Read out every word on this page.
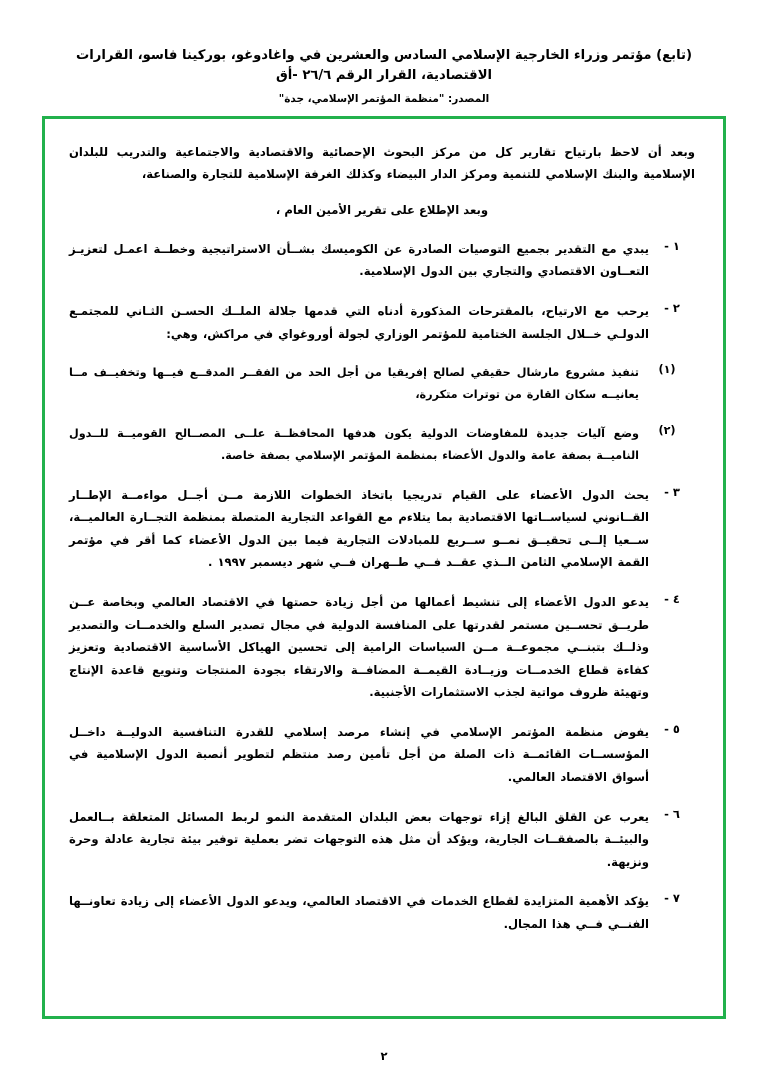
(تابع) مؤتمر وزراء الخارجية الإسلامي السادس والعشرين في واغادوغو، بوركينا فاسو، القرارات الاقتصادية، القرار الرقم ٢٦/٦ -أق
المصدر: "منظمة المؤتمر الإسلامي، جدة"
وبعد أن لاحظ بارتياح تقارير كل من مركز البحوث الإحصائية والاقتصادية والاجتماعية والتدريب للبلدان الإسلامية والبنك الإسلامي للتنمية ومركز الدار البيضاء وكذلك الغرفة الإسلامية للتجارة والصناعة،
وبعد الإطلاع على تقرير الأمين العام ،
١ -
يبدي مع التقدير بجميع التوصيات الصادرة عن الكوميسك بشــأن الاستراتيجية وخطــة اعمـل لتعزيـز التعــاون الاقتصادي والتجاري بين الدول الإسلامية.
٢ -
يرحب مع الارتياح، بالمقترحات المذكورة أدناه التي قدمها جلالة الملــك الحسـن الثـاني للمجتمـع الدولـي خــلال الجلسة الختامية للمؤتمر الوزاري لجولة أوروغواي في مراكش، وهي:
(١)
تنفيذ مشروع مارشال حقيقي لصالح إفريقيا من أجل الحد من الفقــر المدقــع فيــها وتخفيــف مــا يعانيــه سكان القارة من توترات متكررة،
(٢)
وضع آليات جديدة للمفاوضات الدولية يكون هدفها المحافظــة علــى المصــالح القوميــة للــدول الناميــة بصفة عامة والدول الأعضاء بمنظمة المؤتمر الإسلامي بصفة خاصة.
٣ -
يحث الدول الأعضاء على القيام تدريجيا باتخاذ الخطوات اللازمة مــن أجــل مواءمــة الإطــار القــانوني لسياســاتها الاقتصادية بما يتلاءم مع القواعد التجارية المتصلة بمنظمة التجــارة العالميــة، ســعيا إلــى تحقيــق نمــو ســريع للمبادلات التجارية فيما بين الدول الأعضاء كما أقر في مؤتمر القمة الإسلامي الثامن الــذي عقــد فــي طــهران فــي شهر ديسمبر ١٩٩٧ .
٤ -
يدعو الدول الأعضاء إلى تنشيط أعمالها من أجل زيادة حصتها في الاقتصاد العالمي وبخاصة عــن طريــق تحســين مستمر لقدرتها على المنافسة الدولية في مجال تصدير السلع والخدمــات والتصدير وذلــك بتبنــي مجموعــة مــن السياسات الرامية إلى تحسين الهياكل الأساسية الاقتصادية وتعزيز كفاءة قطاع الخدمــات وزيــادة القيمــة المضافــة والارتقاء بجودة المنتجات وتنويع قاعدة الإنتاج وتهيئة ظروف مواتية لجذب الاستثمارات الأجنبية.
٥ -
يفوض منظمة المؤتمر الإسلامي في إنشاء مرصد إسلامي للقدرة التنافسية الدوليــة داخــل المؤسســات القائمــة ذات الصلة من أجل تأمين رصد منتظم لتطوير أنصبة الدول الإسلامية في أسواق الاقتصاد العالمي.
٦ -
يعرب عن القلق البالغ إزاء توجهات بعض البلدان المتقدمة النمو لربط المسائل المتعلقة بــالعمل والبيئــة بالصفقــات الجارية، ويؤكد أن مثل هذه التوجهات تضر بعملية توفير بيئة تجارية عادلة وحرة ونزيهة.
٧ -
يؤكد الأهمية المتزايدة لقطاع الخدمات في الاقتصاد العالمي، ويدعو الدول الأعضاء إلى زيادة تعاونــها الفنــي فــي هذا المجال.
٢
